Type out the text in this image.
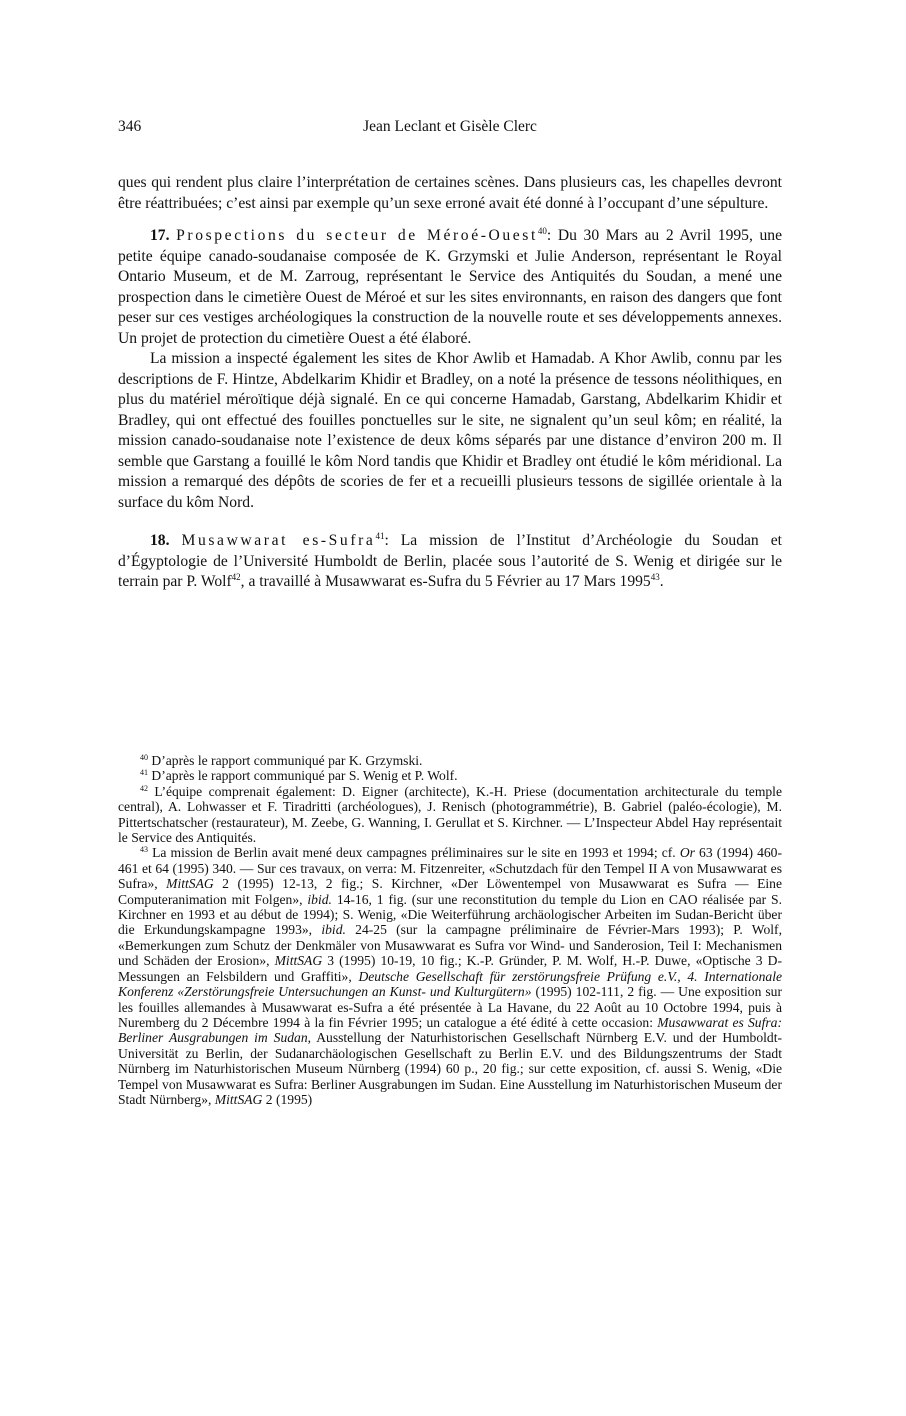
346	Jean Leclant et Gisèle Clerc

ques qui rendent plus claire l’interprétation de certaines scènes. Dans plusieurs cas, les chapelles devront être réattribuées; c’est ainsi par exemple qu’un sexe erroné avait été donné à l’occupant d’une sépulture.

17. Prospections du secteur de Méroé-Ouest$^{40}$: Du 30 Mars au 2 Avril 1995, une petite équipe canado-soudanaise composée de K. Grzymski et Julie Anderson, représentant le Royal Ontario Museum, et de M. Zarroug, représentant le Service des Antiquités du Soudan, a mené une prospection dans le cimetière Ouest de Méroé et sur les sites environnants, en raison des dangers que font peser sur ces vestiges archéologiques la construction de la nouvelle route et ses développements annexes. Un projet de protection du cimetière Ouest a été élaboré.

La mission a inspecté également les sites de Khor Awlib et Hamadab. A Khor Awlib, connu par les descriptions de F. Hintze, Abdelkarim Khidir et Bradley, on a noté la présence de tessons néolithiques, en plus du matériel méroïtique déjà signalé. En ce qui concerne Hamadab, Garstang, Abdelkarim Khidir et Bradley, qui ont effectué des fouilles ponctuelles sur le site, ne signalent qu’un seul kôm; en réalité, la mission canado-soudanaise note l’existence de deux kôms séparés par une distance d’environ 200 m. Il semble que Garstang a fouillé le kôm Nord tandis que Khidir et Bradley ont étudié le kôm méridional. La mission a remarqué des dépôts de scories de fer et a recueilli plusieurs tessons de sigillée orientale à la surface du kôm Nord.

18. Musawwarat es-Sufra$^{41}$: La mission de l’Institut d’Archéologie du Soudan et d’Égyptologie de l’Université Humboldt de Berlin, placée sous l’autorité de S. Wenig et dirigée sur le terrain par P. Wolf$^{42}$, a travaillé à Musawwarat es-Sufra du 5 Février au 17 Mars 1995$^{43}$.

$^{40}$ D’après le rapport communiqué par K. Grzymski.

$^{41}$ D’après le rapport communiqué par S. Wenig et P. Wolf.

$^{42}$ L’équipe comprenait également: D. Eigner (architecte), K.-H. Priese (documentation architecturale du temple central), A. Lohwasser et F. Tiradritti (archéologues), J. Renisch (photogrammétrie), B. Gabriel (paléo-écologie), M. Pittertschatscher (restaurateur), M. Zeebe, G. Wanning, I. Gerullat et S. Kirchner. — L’Inspecteur Abdel Hay représentait le Service des Antiquités.

$^{43}$ La mission de Berlin avait mené deux campagnes préliminaires sur le site en 1993 et 1994; cf. Or 63 (1994) 460-461 et 64 (1995) 340. — Sur ces travaux, on verra: M. Fitzenreiter, «Schutzdach für den Tempel II A von Musawwarat es Sufra», MittSAG 2 (1995) 12-13, 2 fig.; S. Kirchner, «Der Löwentempel von Musawwarat es Sufra — Eine Computeranimation mit Folgen», ibid. 14-16, 1 fig. (sur une reconstitution du temple du Lion en CAO réalisée par S. Kirchner en 1993 et au début de 1994); S. Wenig, «Die Weiterführung archäologischer Arbeiten im Sudan-Bericht über die Erkundungskampagne 1993», ibid. 24-25 (sur la campagne préliminaire de Février-Mars 1993); P. Wolf, «Bemerkungen zum Schutz der Denkmäler von Musawwarat es Sufra vor Wind- und Sanderosion, Teil I: Mechanismen und Schäden der Erosion», MittSAG 3 (1995) 10-19, 10 fig.; K.-P. Gründer, P. M. Wolf, H.-P. Duwe, «Optische 3 D-Messungen an Felsbildern und Graffiti», Deutsche Gesellschaft für zerstörungsfreie Prüfung e.V., 4. Internationale Konferenz «Zerstörungsfreie Untersuchungen an Kunst- und Kulturgütern» (1995) 102-111, 2 fig. — Une exposition sur les fouilles allemandes à Musawwarat es-Sufra a été présentée à La Havane, du 22 Août au 10 Octobre 1994, puis à Nuremberg du 2 Décembre 1994 à la fin Février 1995; un catalogue a été édité à cette occasion: Musawwarat es Sufra: Berliner Ausgrabungen im Sudan, Ausstellung der Naturhistorischen Gesellschaft Nürnberg E.V. und der Humboldt-Universität zu Berlin, der Sudanarchäologischen Gesellschaft zu Berlin E.V. und des Bildungszentrums der Stadt Nürnberg im Naturhistorischen Museum Nürnberg (1994) 60 p., 20 fig.; sur cette exposition, cf. aussi S. Wenig, «Die Tempel von Musawwarat es Sufra: Berliner Ausgrabungen im Sudan. Eine Ausstellung im Naturhistorischen Museum der Stadt Nürnberg», MittSAG 2 (1995)
